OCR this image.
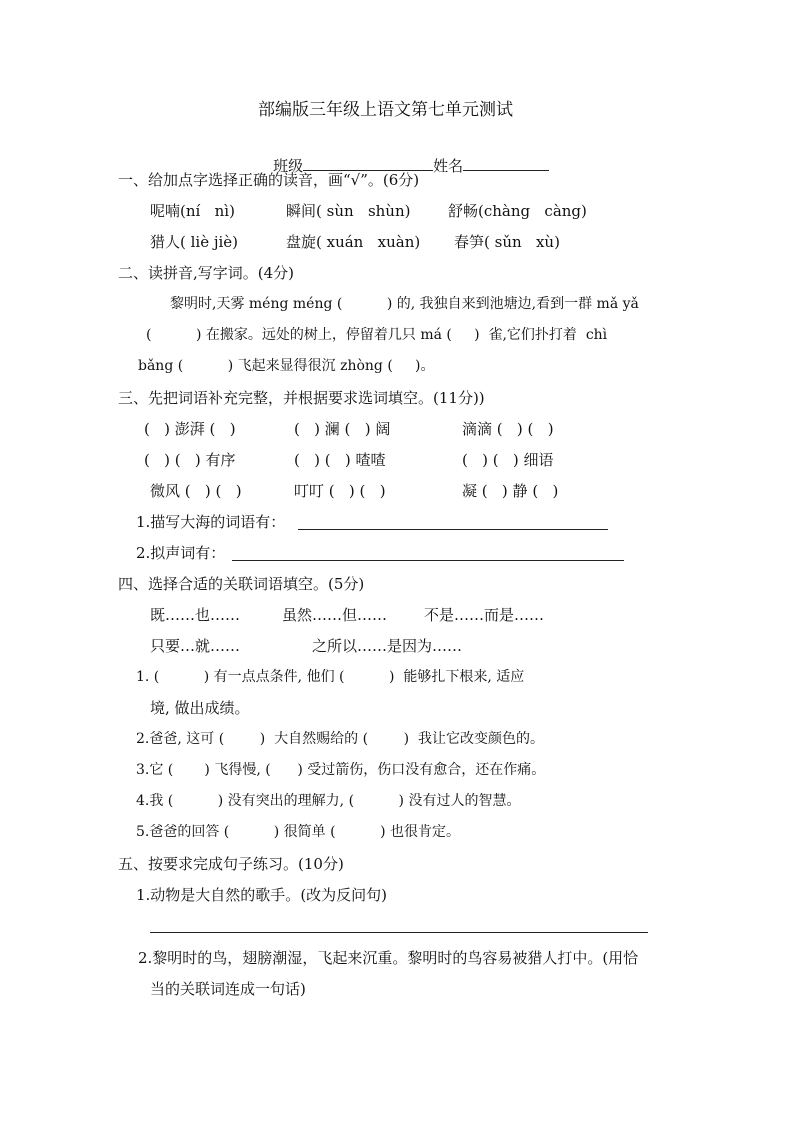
部编版三年级上语文第七单元测试

班级	姓名

一、给加点字选择正确的读音，画“√”。(6分)
呢喃(ní   nì)	瞬间( sùn   shùn)	舒畅(chàng   càng)
猎人( liè jiè)	盘旋( xuán   xuàn) 春笋( sǔn   xù)
二、读拼音,写字词。(4分)
黎明时,天雾 méng méng (          ) 的, 我独自来到池塘边,看到一群 mǎ yǎ
(          ) 在搬家。远处的树上，停留着几只 má (     )  雀,它们扑打着  chì
bǎng (          ) 飞起来显得很沉 zhòng (     )。
三、先把词语补充完整，并根据要求选词填空。(11分))
(   ) 澎湃 (   )	(   ) 澜 (   ) 阔	滴滴 (   ) (   )
(   ) (   ) 有序	(   ) (   ) 喳喳	(   ) (   ) 细语
微风 (   ) (   )	叮叮 (   ) (   )	凝 (   ) 静 (   )
1.描写大海的词语有：
2.拟声词有：
四、选择合适的关联词语填空。(5分)
既……也……	虽然……但…… 不是……而是……
只要…就……	之所以……是因为……
1. (          ) 有一点点条件, 他们 (          )  能够扎下根来, 适应
境, 做出成绩。
2.爸爸, 这可 (        )  大自然赐给的 (        )  我让它改变颜色的。
3.它 (       ) 飞得慢, (      ) 受过箭伤，伤口没有愈合，还在作痛。
4.我 (          ) 没有突出的理解力, (          ) 没有过人的智慧。
5.爸爸的回答 (          ) 很简单 (          ) 也很肯定。
五、按要求完成句子练习。(10分)
1.动物是大自然的歌手。(改为反问句)
2.黎明时的鸟，翅膀潮湿，飞起来沉重。黎明时的鸟容易被猎人打中。(用恰
当的关联词连成一句话)
